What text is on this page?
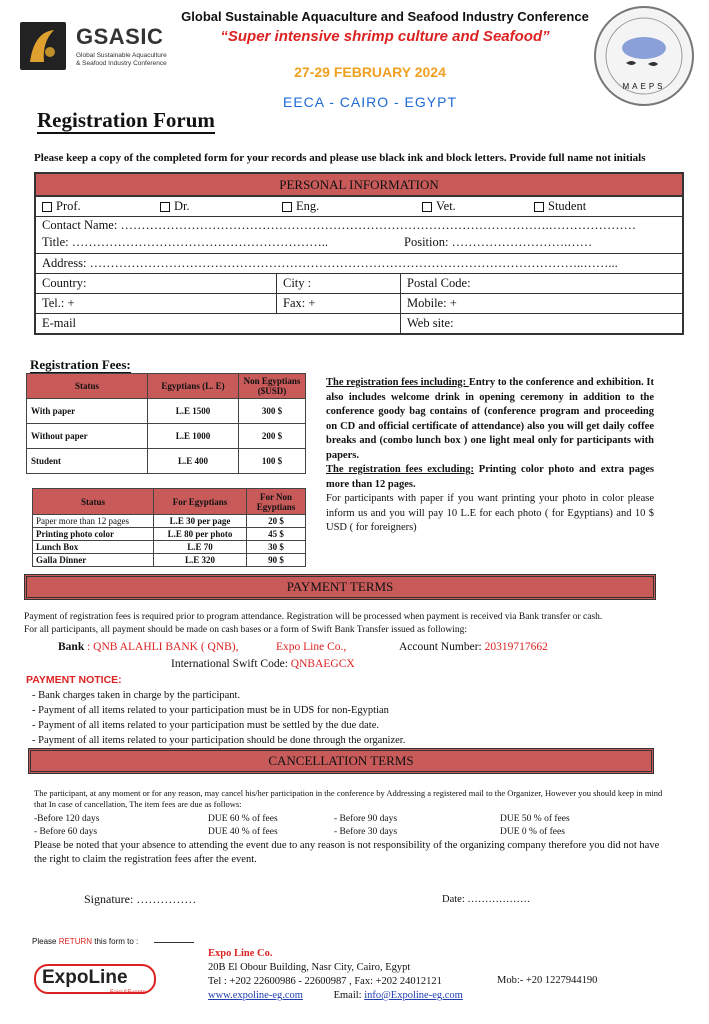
GSASIC
Global Sustainable Aquaculture
& Seafood Industry Conference
Global Sustainable Aquaculture and Seafood Industry Conference
“Super intensive shrimp culture and Seafood”
27-29 FEBRUARY 2024
EECA - CAIRO - EGYPT
MAEPS
Registration Forum
Please keep a copy of the completed form for your records and please use black ink and block letters. Provide full name not initials
PERSONAL INFORMATION
Prof.	Dr.	Eng.	Vet.	Student
Contact Name: ………………………………………………………………………………………….…………………
Title: ……………………………………………………..	Position: ……………………….……
Address: ………………………………………………………………………………………………………..……...
Country:	City :	Postal Code:
Tel.: +	Fax: +	Mobile: +
E-mail	Web site:
Registration Fees:
Status	Egyptians (L. E)	Non Egyptians ($USD)
With paper	L.E 1500	300 $
Without paper	L.E 1000	200 $
Student	L.E 400	100 $
Status	For Egyptians	For Non Egyptians
Paper more than 12 pages	L.E 30 per page	20 $
Printing photo color	L.E 80 per photo	45 $
Lunch Box	L.E 70	30 $
Galla Dinner	L.E 320	90 $
The registration fees including: Entry to the conference and exhibition. It also includes welcome drink in opening ceremony in addition to the conference goody bag contains of (conference program and proceeding on CD and official certificate of attendance) also you will get daily coffee breaks and (combo lunch box ) one light meal only for participants with papers.
The registration fees excluding: Printing color photo and extra pages more than 12 pages.
For participants with paper if you want printing your photo in color please inform us and you will pay 10 L.E for each photo ( for Egyptians) and 10 $ USD ( for foreigners)
PAYMENT TERMS
Payment of registration fees is required prior to program attendance. Registration will be processed when payment is received via Bank transfer or cash.
For all participants, all payment should be made on cash bases or a form of Swift Bank Transfer issued as following:
Bank : QNB ALAHLI BANK ( QNB),	Expo Line Co.,	Account Number: 20319717662
International Swift Code: QNBAEGCX
PAYMENT NOTICE:
- Bank charges taken in charge by the participant.
- Payment of all items related to your participation must be in UDS for non-Egyptian
- Payment of all items related to your participation must be settled by the due date.
- Payment of all items related to your participation should be done through the organizer.
CANCELLATION TERMS
The participant, at any moment or for any reason, may cancel his/her participation in the conference by Addressing a registered mail to the Organizer, However you should keep in mind that In case of cancellation, The item fees are due as follows:
-Before 120 days	DUE 60 % of fees	- Before 90 days	DUE 50 % of fees
- Before 60 days	DUE 40 % of fees	- Before 30 days	DUE 0 % of fees
Please be noted that your absence to attending the event due to any reason is not responsibility of the organizing company therefore you did not have the right to claim the registration fees after the event.
Signature: ……………	Date: ………………
Please RETURN this form to :
ExpoLine
Fairs&Events
Expo Line Co.
20B El Obour Building, Nasr City, Cairo, Egypt
Tel : +202 22600986 - 22600987 , Fax: +202 24012121
www.expoline-eg.com	Email: info@Expoline-eg.com
Mob:- +20 1227944190
